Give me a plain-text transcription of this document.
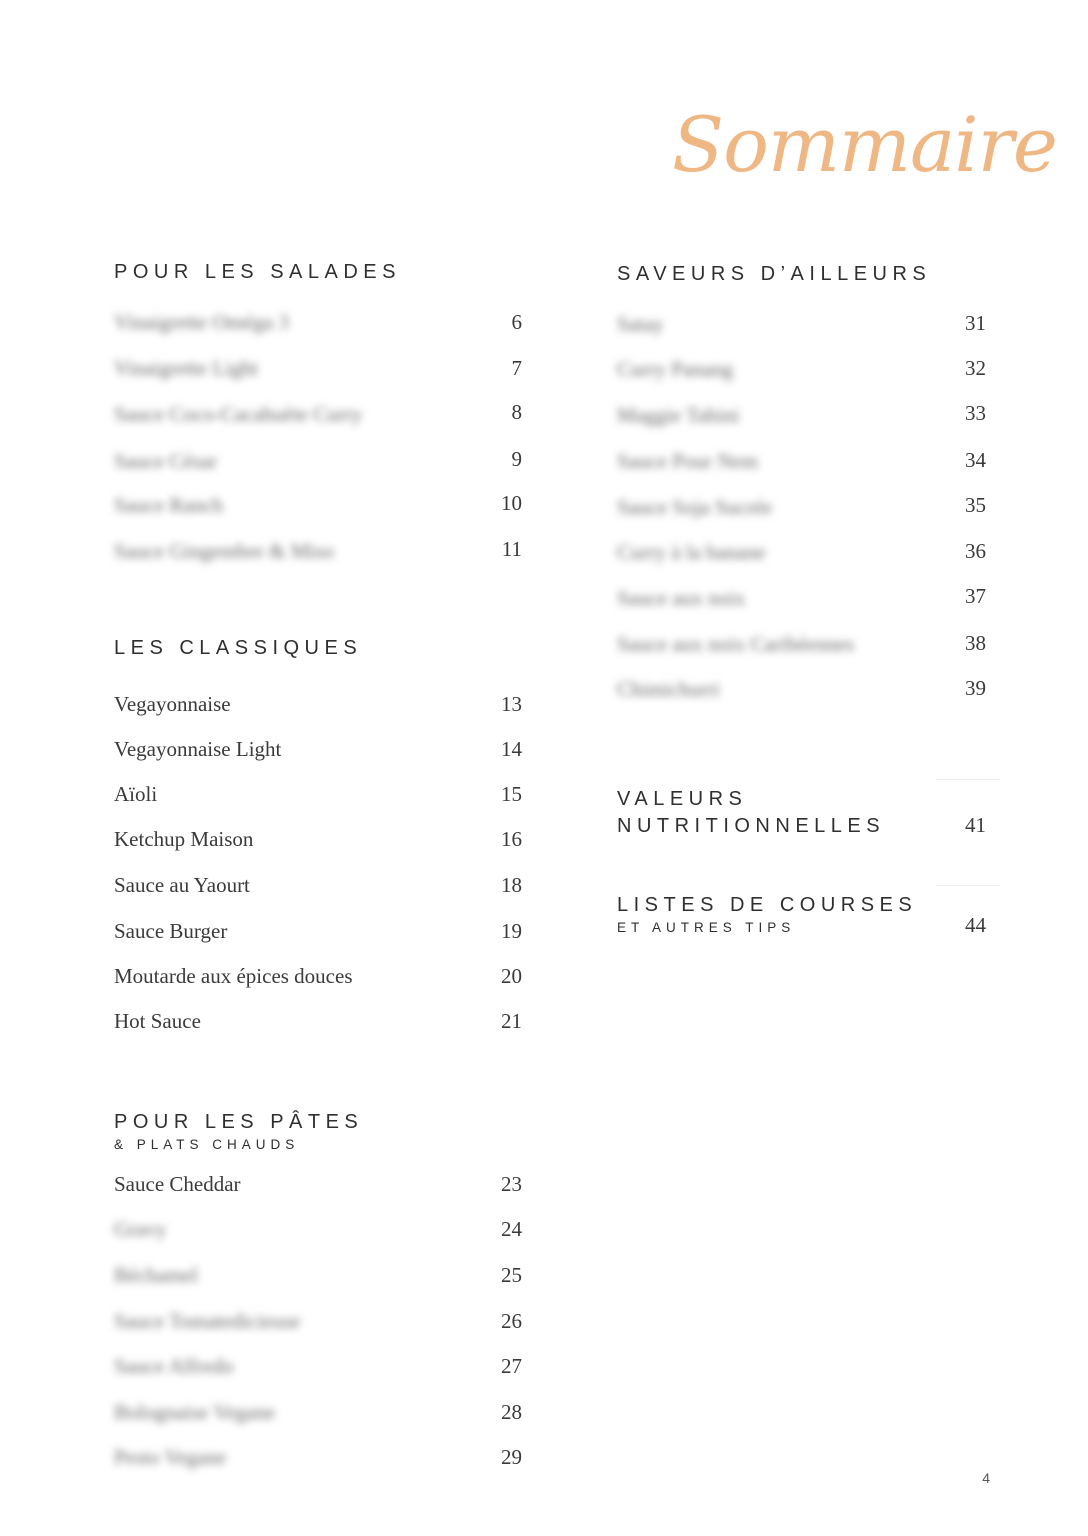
Sommaire
POUR LES SALADES
Vinaigrette Oméga 3	6
Vinaigrette Light	7
Sauce Coco-Cacahuète Curry	8
Sauce César	9
Sauce Ranch	10
Sauce Gingembre & Miso	11
LES CLASSIQUES
Vegayonnaise	13
Vegayonnaise Light	14
Aïoli	15
Ketchup Maison	16
Sauce au Yaourt	18
Sauce Burger	19
Moutarde aux épices douces	20
Hot Sauce	21
POUR LES PÂTES
& PLATS CHAUDS
Sauce Cheddar	23
Gravy	24
Béchamel	25
Sauce Tomatedicieuse	26
Sauce Alfredo	27
Bolognaise Vegane	28
Pesto Vegane	29
SAVEURS D’AILLEURS
Satay	31
Curry Panang	32
Maggie Tahini	33
Sauce Pour Nem	34
Sauce Soja Sucrée	35
Curry à la banane	36
Sauce aux noix	37
Sauce aux noix Caribéennes	38
Chimichurri	39
VALEURS
NUTRITIONNELLES	41
LISTES DE COURSES
ET AUTRES TIPS	44
4
